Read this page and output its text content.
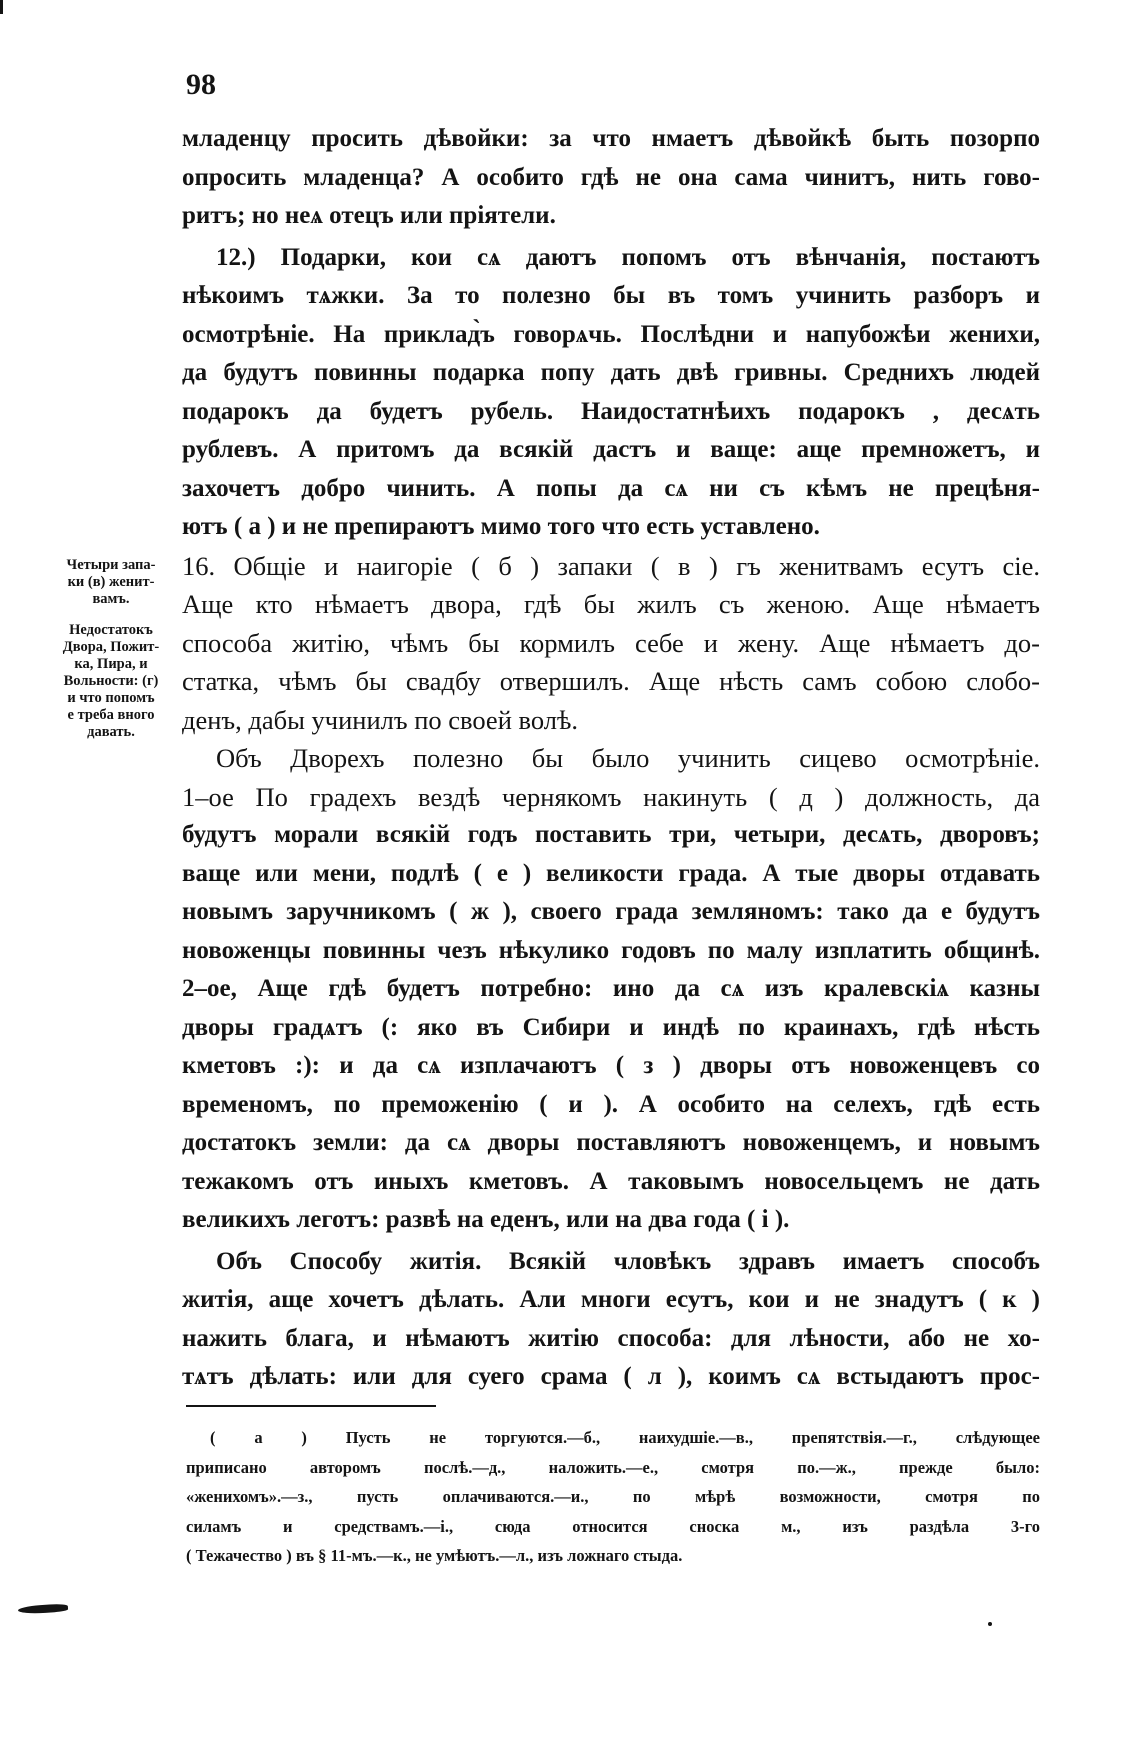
98
младенцу просить дѣвойки: за что нмаетъ дѣвойкѣ быть позорпо
опросить младенца? А особито гдѣ не она сама чинитъ, нить гово-
ритъ; но неѧ отецъ или пріятели.
12.) Подарки, кои сѧ даютъ попомъ отъ вѣнчанія, постаютъ
нѣкоимъ тѧжки. За то полезно бы въ томъ учинить разборъ и
осмотрѣніе. На приклад̀ъ говорѧчь. Послѣдни и напубожѣи женихи,
да будутъ повинны подарка попу дать двѣ гривны. Среднихъ людей
подарокъ да будетъ рубель. Наидостатнѣихъ подарокъ , десѧть
рублевъ. А притомъ да всякій дастъ и ваще: аще премножетъ, и
захочетъ добро чинить. А попы да сѧ ни съ кѣмъ не прецѣня-
ютъ ( а ) и не препираютъ мимо того что есть уставлено.
16. Общіе и наигоріе ( б ) запаки ( в ) гъ женитвамъ есутъ сіе.
Аще кто нѣмаетъ двора, гдѣ бы жилъ съ женою. Аще нѣмаетъ
способа житію, чѣмъ бы кормилъ себе и жену. Аще нѣмаетъ до-
статка, чѣмъ бы свадбу отвершилъ. Аще нѣсть самъ собою слобо-
денъ, дабы учинилъ по своей волѣ.
Объ Дворехъ полезно бы было учинить сицево осмотрѣніе.
1–ое По градехъ вездѣ чернякомъ накинуть ( д ) должность, да
будутъ морали всякій годъ поставить три, четыри, десѧть, дворовъ;
ваще или мени, подлѣ ( е ) великости града. А тые дворы отдавать
новымъ заручникомъ ( ж ), своего града земляномъ: тако да е будутъ
новоженцы повинны чезъ нѣкулико годовъ по малу изплатить общинѣ.
2–ое, Аще гдѣ будетъ потребно: ино да сѧ изъ кралевскіѧ казны
дворы градѧтъ (: яко въ Сибири и индѣ по краинахъ, гдѣ нѣсть
кметовъ :): и да сѧ изплачаютъ ( з ) дворы отъ новоженцевъ со
временомъ, по преможенію ( и ). А особито на селехъ, гдѣ есть
достатокъ земли: да сѧ дворы поставляютъ новоженцемъ, и новымъ
тежакомъ отъ иныхъ кметовъ. А таковымъ новосельцемъ не дать
великихъ леготъ: развѣ на еденъ, или на два года ( і ).
Объ Способу житія. Всякій чловѣкъ здравъ имаетъ способъ
житія, аще хочетъ дѣлать. Али многи есутъ, кои и не знадутъ ( к )
нажить блага, и нѣмаютъ житію способа: для лѣности, або не хо-
тѧтъ дѣлать: или для суего срама ( л ), коимъ сѧ встыдаютъ прос-
Четыри запа-
ки (в) женит-
вамъ.
Недостатокъ
Двора, Пожит-
ка, Пира, и
Вольности: (г)
и что попомъ
е треба вного
давать.
( а ) Пусть не торгуются.—б., наихудшіе.—в., препятствія.—г., слѣдующее
приписано авторомъ послѣ.—д., наложить.—е., смотря по.—ж., прежде было:
«женихомъ».—з., пусть оплачиваются.—и., по мѣрѣ возможности, смотря по
силамъ и средствамъ.—і., сюда относится сноска м., изъ раздѣла 3-го
( Тежачество ) въ § 11-мъ.—к., не умѣютъ.—л., изъ ложнаго стыда.
